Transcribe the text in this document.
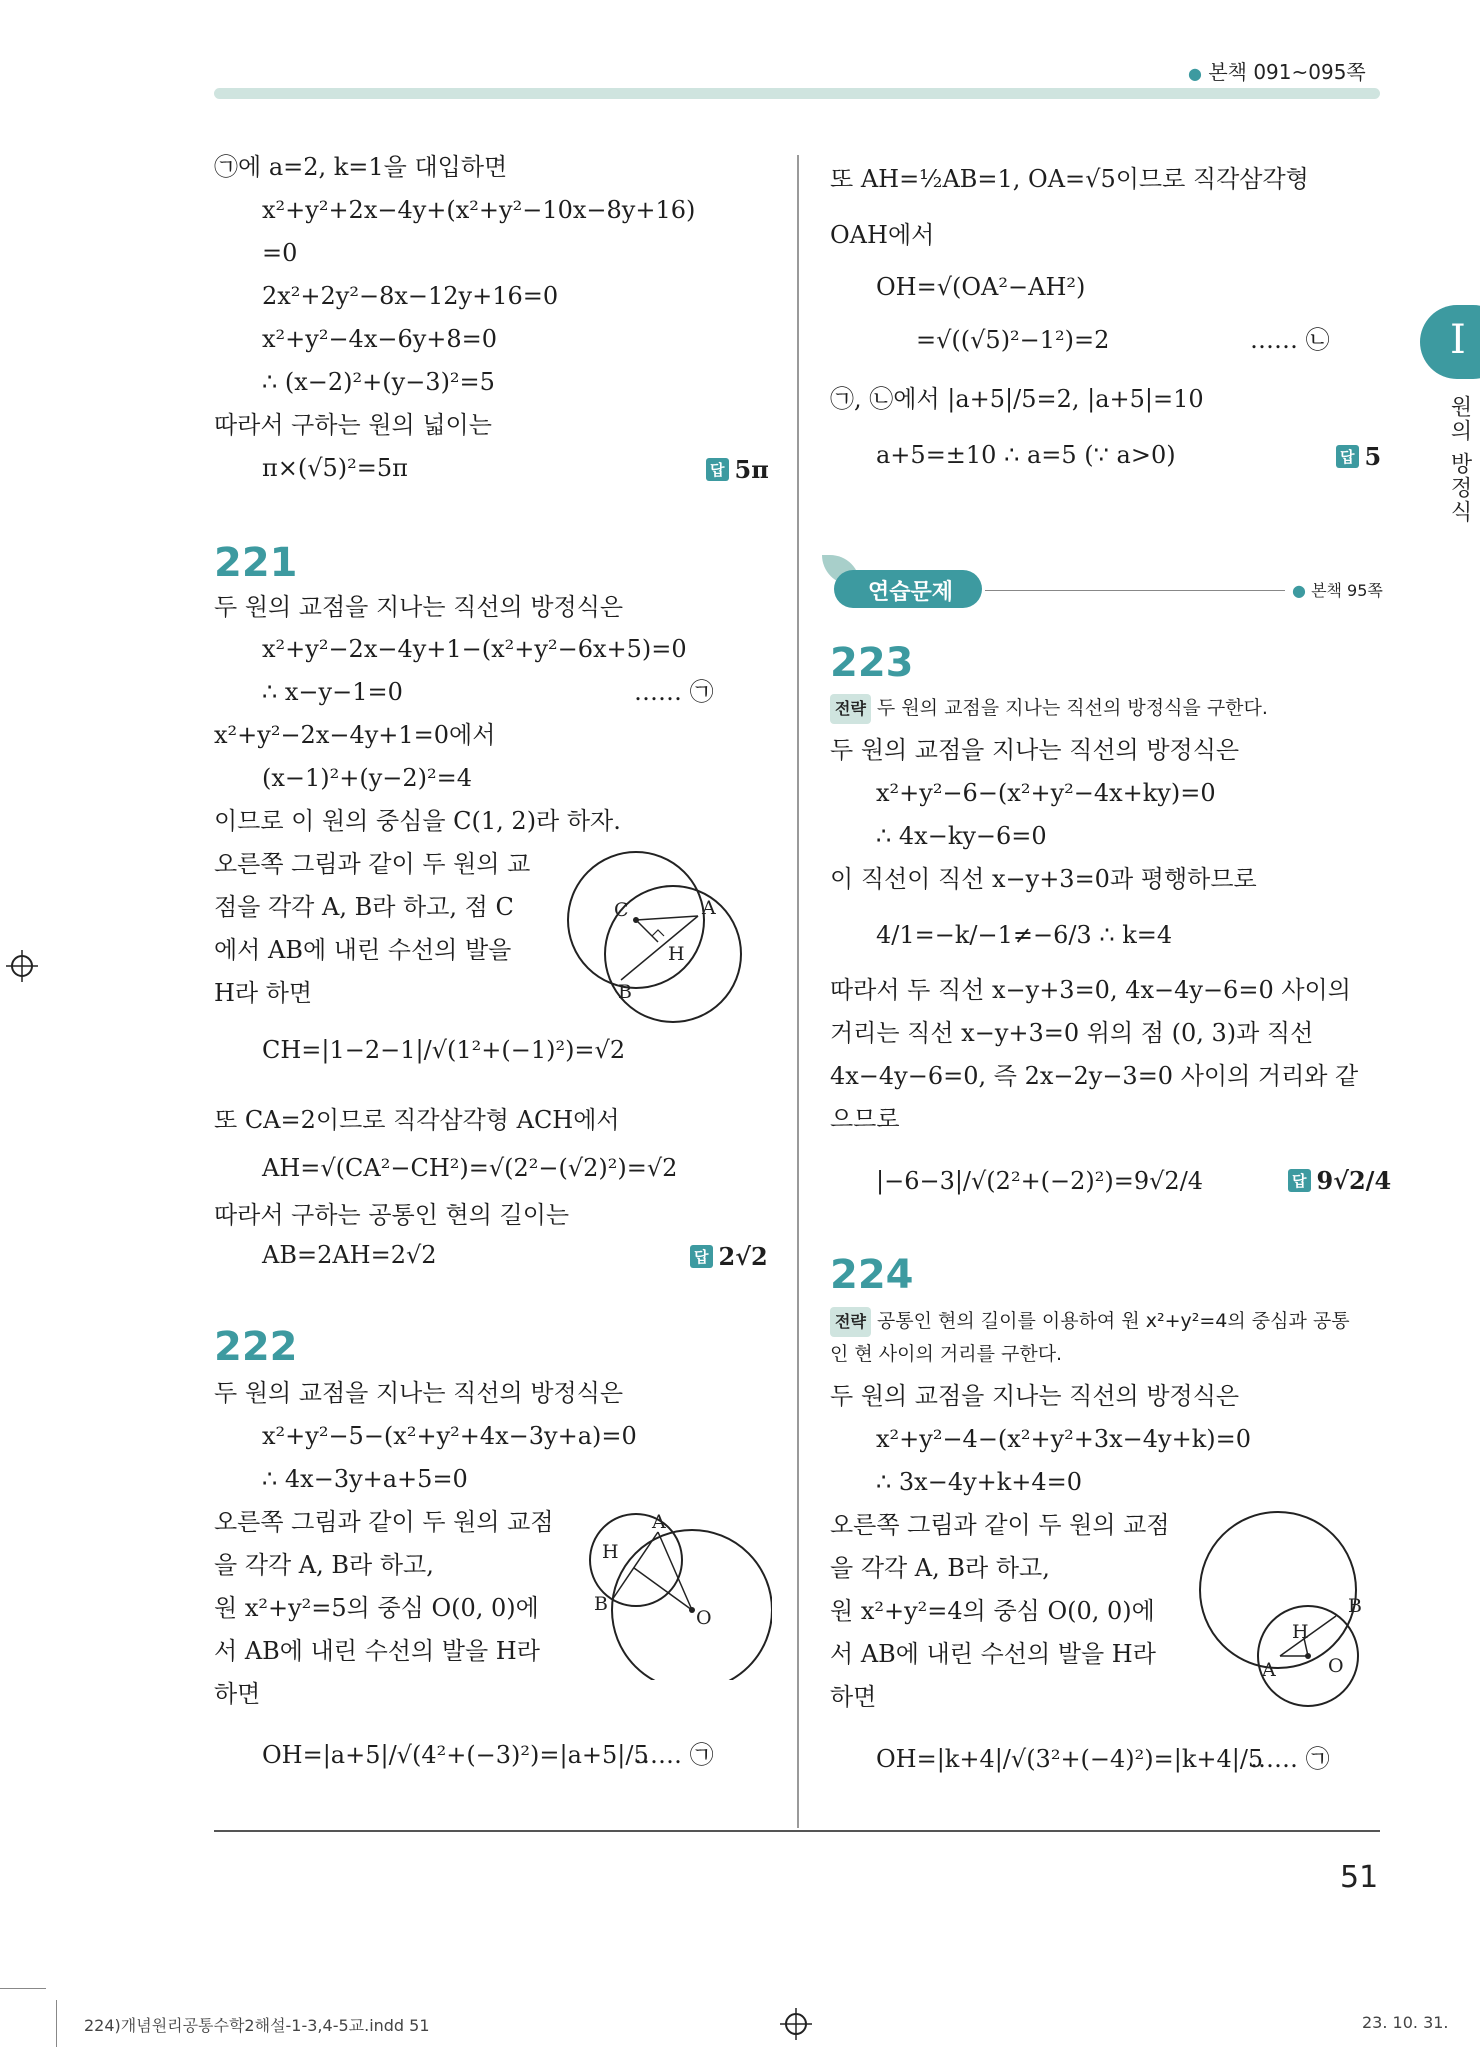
● 본책 091~095쪽
I
원의 방정식
㉠에 a=2, k=1을 대입하면
x²+y²+2x−4y+(x²+y²−10x−8y+16)
=0
2x²+2y²−8x−12y+16=0
x²+y²−4x−6y+8=0
∴ (x−2)²+(y−3)²=5
따라서 구하는 원의 넓이는
π×(√5)²=5π	답 5π
221
두 원의 교점을 지나는 직선의 방정식은
x²+y²−2x−4y+1−(x²+y²−6x+5)=0
∴ x−y−1=0	…… ㉠
x²+y²−2x−4y+1=0에서
(x−1)²+(y−2)²=4
이므로 이 원의 중심을 C(1, 2)라 하자.
오른쪽 그림과 같이 두 원의 교
점을 각각 A, B라 하고, 점 C
에서 AB에 내린 수선의 발을
H라 하면
CH=|1−2−1|/√(1²+(−1)²)=√2
또 CA=2이므로 직각삼각형 ACH에서
AH=√(CA²−CH²)=√(2²−(√2)²)=√2
따라서 구하는 공통인 현의 길이는
AB=2AH=2√2	답 2√2
C	A
H
B
222
두 원의 교점을 지나는 직선의 방정식은
x²+y²−5−(x²+y²+4x−3y+a)=0
∴ 4x−3y+a+5=0
오른쪽 그림과 같이 두 원의 교점
을 각각 A, B라 하고,
원 x²+y²=5의 중심 O(0, 0)에
서 AB에 내린 수선의 발을 H라
하면
OH=|a+5|/√(4²+(−3)²)=|a+5|/5
…… ㉠
A
H
B
O
또 AH=½AB=1, OA=√5이므로 직각삼각형
OAH에서
OH=√(OA²−AH²)
=√((√5)²−1²)=2	…… ㉡
㉠, ㉡에서 |a+5|/5=2, |a+5|=10
a+5=±10 ∴ a=5 (∵ a>0)	답 5
연습문제	● 본책 95쪽
223
전략 두 원의 교점을 지나는 직선의 방정식을 구한다.
두 원의 교점을 지나는 직선의 방정식은
x²+y²−6−(x²+y²−4x+ky)=0
∴ 4x−ky−6=0
이 직선이 직선 x−y+3=0과 평행하므로
4/1=−k/−1≠−6/3 ∴ k=4
따라서 두 직선 x−y+3=0, 4x−4y−6=0 사이의
거리는 직선 x−y+3=0 위의 점 (0, 3)과 직선
4x−4y−6=0, 즉 2x−2y−3=0 사이의 거리와 같
으므로
|−6−3|/√(2²+(−2)²)=9√2/4	답 9√2/4
224
전략 공통인 현의 길이를 이용하여 원 x²+y²=4의 중심과 공통
인 현 사이의 거리를 구한다.
두 원의 교점을 지나는 직선의 방정식은
x²+y²−4−(x²+y²+3x−4y+k)=0
∴ 3x−4y+k+4=0
오른쪽 그림과 같이 두 원의 교점
을 각각 A, B라 하고,
원 x²+y²=4의 중심 O(0, 0)에
서 AB에 내린 수선의 발을 H라
하면
OH=|k+4|/√(3²+(−4)²)=|k+4|/5
…… ㉠
B
H
A	O
51
224)개념원리공통수학2해설-1-3,4-5교.indd 51	23. 10. 31.
